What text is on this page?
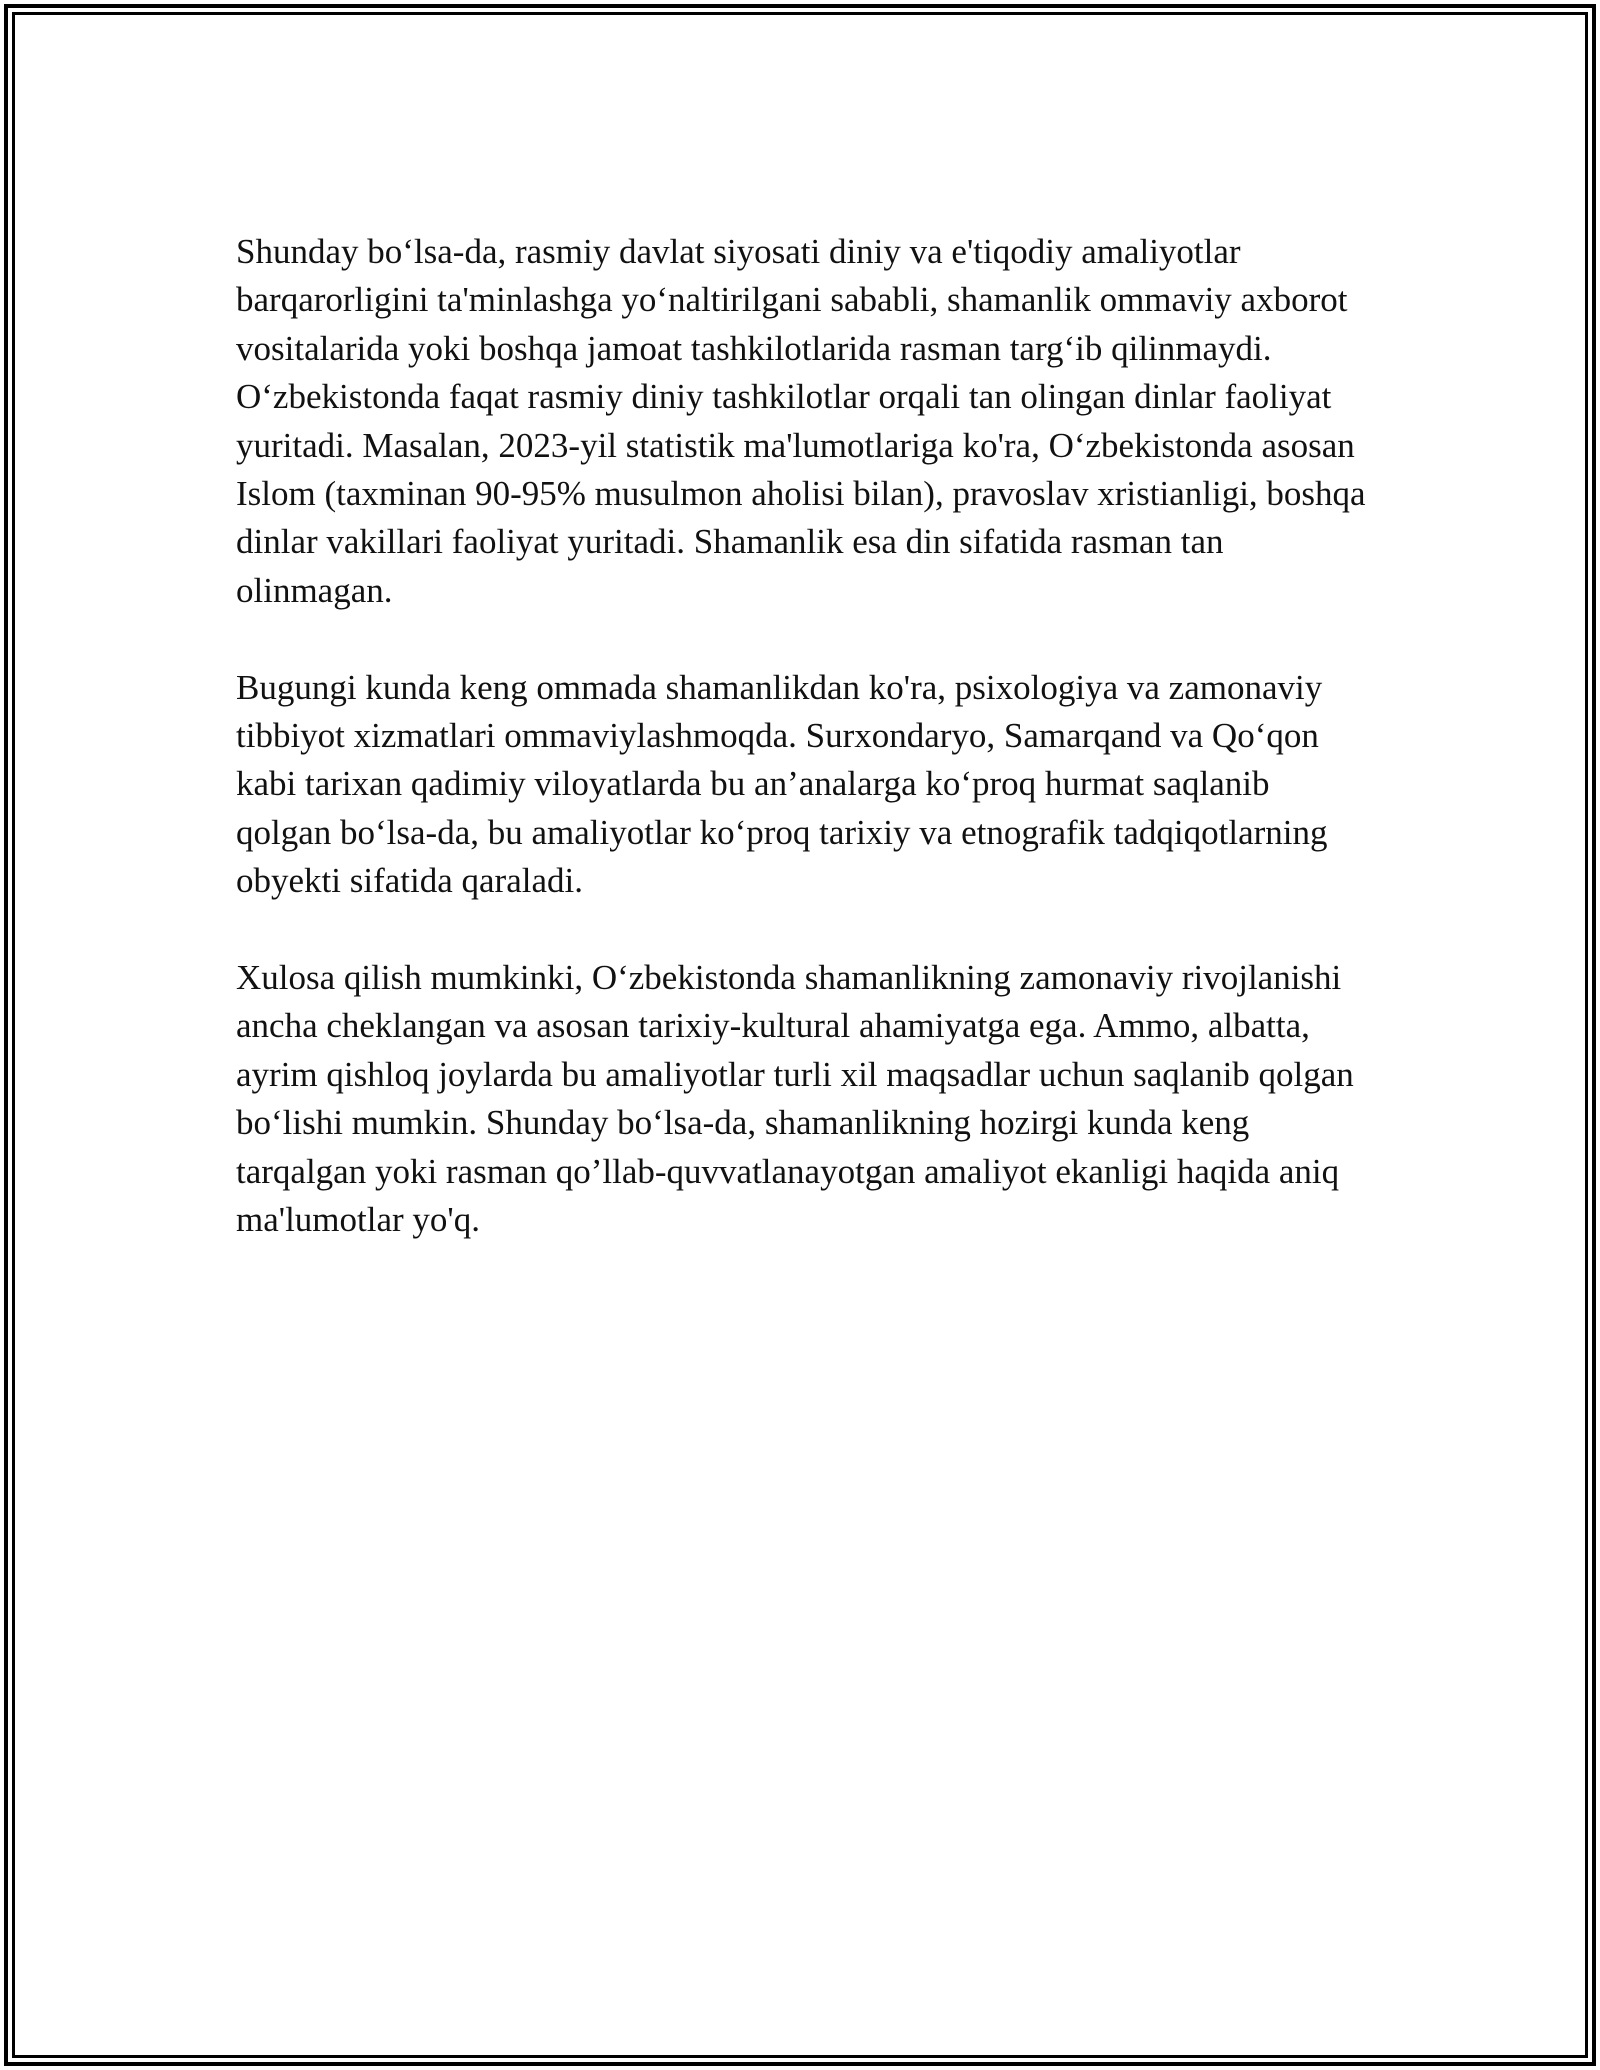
Shunday bo‘lsa-da, rasmiy davlat siyosati diniy va e'tiqodiy amaliyotlar barqarorligini ta'minlashga yo‘naltirilgani sababli, shamanlik ommaviy axborot vositalarida yoki boshqa jamoat tashkilotlarida rasman targ‘ib qilinmaydi. O‘zbekistonda faqat rasmiy diniy tashkilotlar orqali tan olingan dinlar faoliyat yuritadi. Masalan, 2023-yil statistik ma'lumotlariga ko'ra, O‘zbekistonda asosan Islom (taxminan 90-95% musulmon aholisi bilan), pravoslav xristianligi, boshqa dinlar vakillari faoliyat yuritadi. Shamanlik esa din sifatida rasman tan olinmagan.

Bugungi kunda keng ommada shamanlikdan ko'ra, psixologiya va zamonaviy tibbiyot xizmatlari ommaviylashmoqda. Surxondaryo, Samarqand va Qo‘qon kabi tarixan qadimiy viloyatlarda bu an’analarga ko‘proq hurmat saqlanib qolgan bo‘lsa-da, bu amaliyotlar ko‘proq tarixiy va etnografik tadqiqotlarning obyekti sifatida qaraladi.

Xulosa qilish mumkinki, O‘zbekistonda shamanlikning zamonaviy rivojlanishi ancha cheklangan va asosan tarixiy-kultural ahamiyatga ega. Ammo, albatta, ayrim qishloq joylarda bu amaliyotlar turli xil maqsadlar uchun saqlanib qolgan bo‘lishi mumkin. Shunday bo‘lsa-da, shamanlikning hozirgi kunda keng tarqalgan yoki rasman qo’llab-quvvatlanayotgan amaliyot ekanligi haqida aniq ma'lumotlar yo'q.
